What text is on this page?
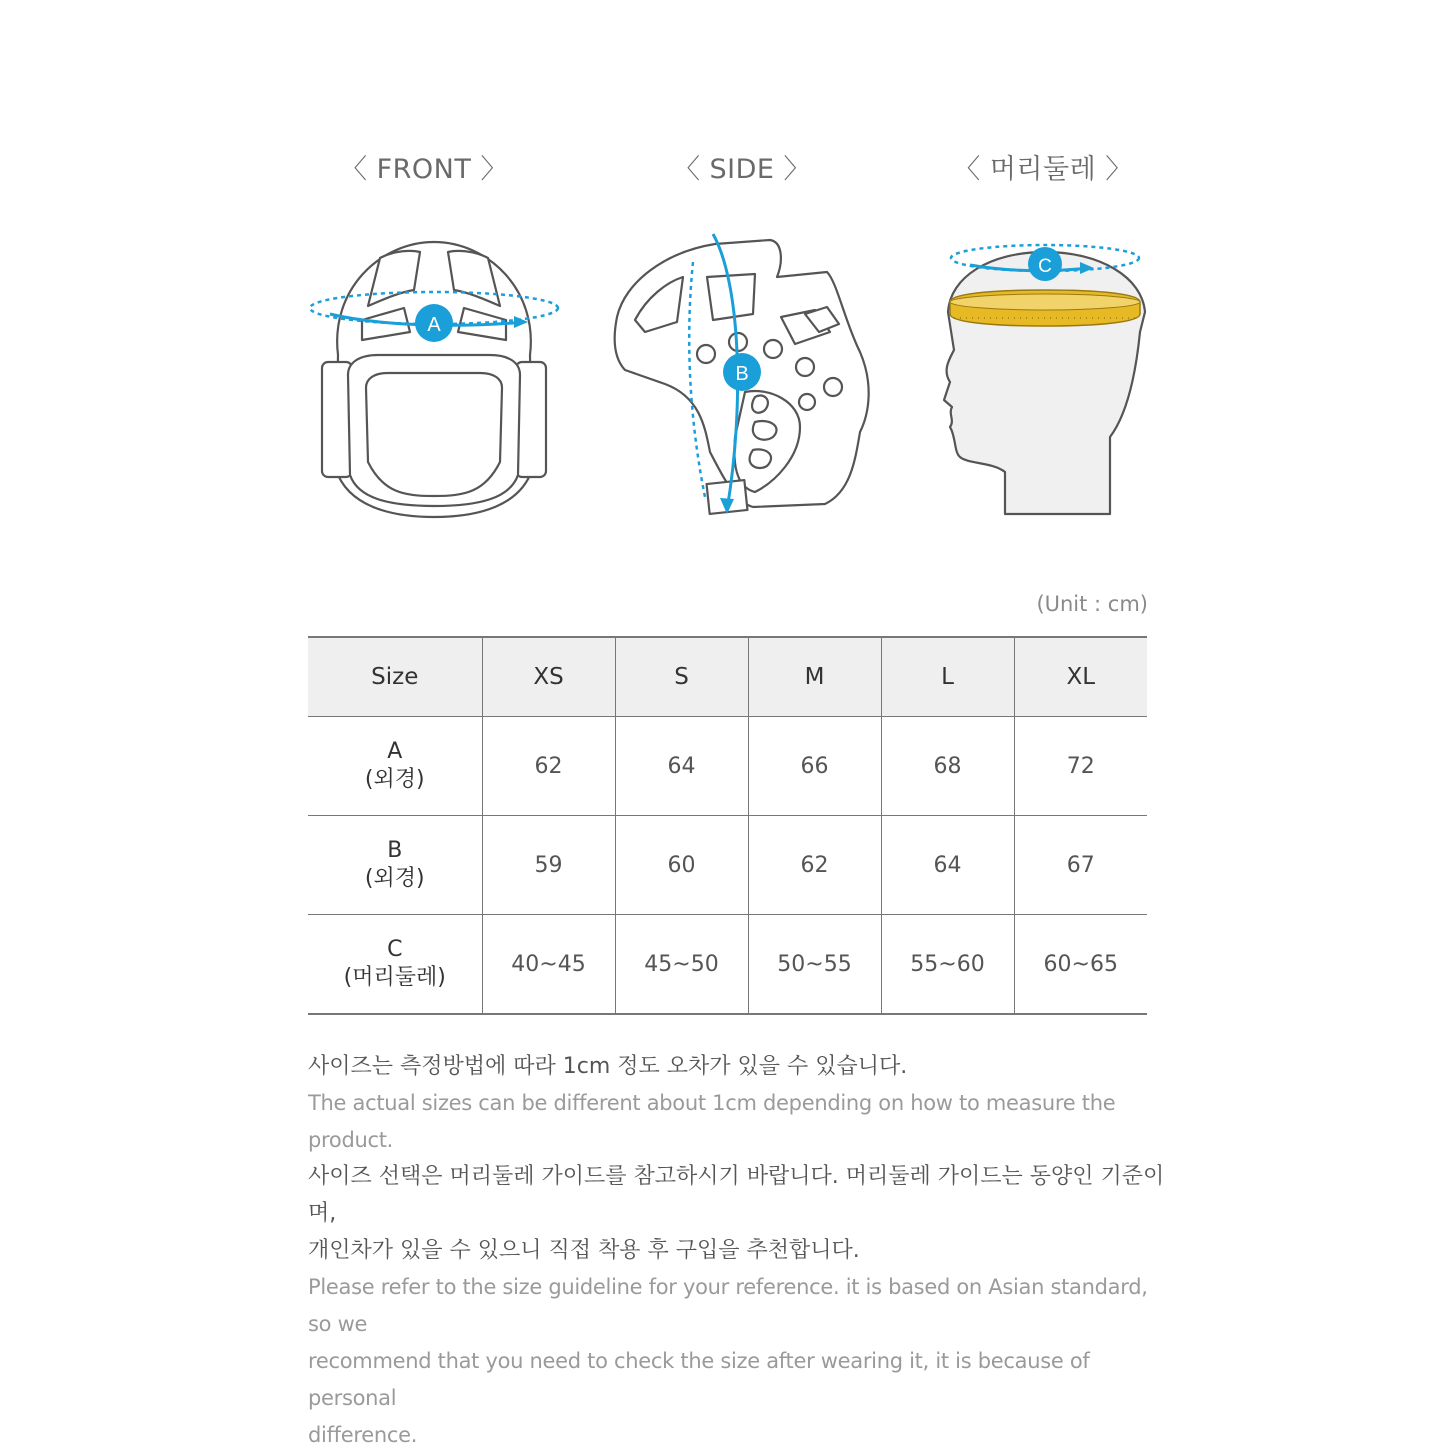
〈 FRONT 〉	〈 SIDE 〉	〈 머리둘레 〉
A
B
C
(Unit : cm)
Size	XS	S	M	L	XL

A
(외경)	62	64	66	68	72

B
(외경)	59	60	62	64	67

C
(머리둘레)	40~45	45~50	50~55	55~60	60~65

사이즈는 측정방법에 따라 1cm 정도 오차가 있을 수 있습니다.

The actual sizes can be different about 1cm depending on how to measure the product.

사이즈 선택은 머리둘레 가이드를 참고하시기 바랍니다. 머리둘레 가이드는 동양인 기준이며,

개인차가 있을 수 있으니 직접 착용 후 구입을 추천합니다.

Please refer to the size guideline for your reference. it is based on Asian standard, so we

recommend that you need to check the size after wearing it, it is because of personal

difference.
